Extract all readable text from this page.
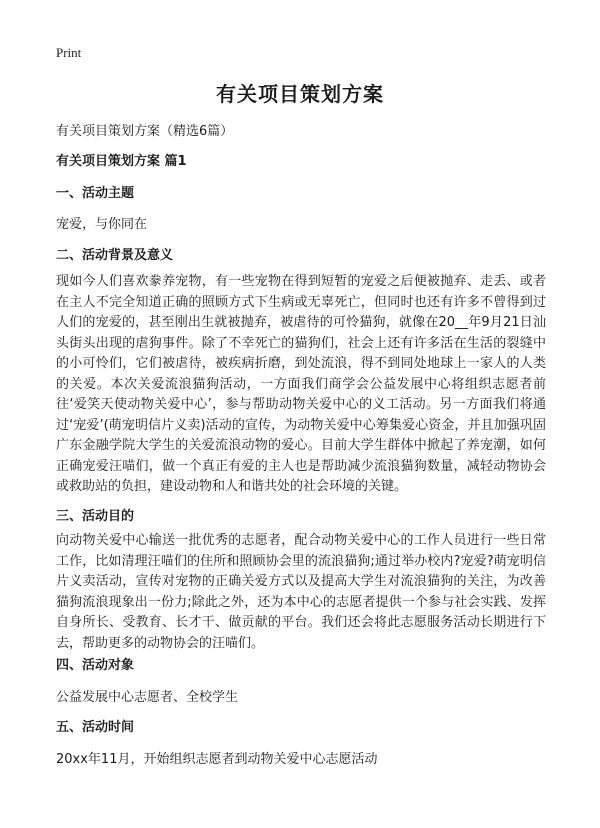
Print
有关项目策划方案
有关项目策划方案（精选6篇）
有关项目策划方案 篇1
一、活动主题
宠爱，与你同在
二、活动背景及意义
现如今人们喜欢豢养宠物，有一些宠物在得到短暂的宠爱之后便被抛弃、走丢、或者在主人不完全知道正确的照顾方式下生病或无辜死亡，但同时也还有许多不曾得到过人们的宠爱的，甚至刚出生就被抛弃，被虐待的可怜猫狗，就像在20__年9月21日汕头街头出现的虐狗事件。除了不幸死亡的猫狗们，社会上还有许多活在生活的裂缝中的小可怜们，它们被虐待，被疾病折磨，到处流浪，得不到同处地球上一家人的人类的关爱。本次关爱流浪猫狗活动，一方面我们商学会公益发展中心将组织志愿者前往‘爱笑天使动物关爱中心’，参与帮助动物关爱中心的义工活动。另一方面我们将通过‘宠爱’(萌宠明信片义卖)活动的宣传，为动物关爱中心筹集爱心资金，并且加强巩固广东金融学院大学生的关爱流浪动物的爱心。目前大学生群体中掀起了养宠潮，如何正确宠爱汪喵们，做一个真正有爱的主人也是帮助减少流浪猫狗数量，减轻动物协会或救助站的负担，建设动物和人和谐共处的社会环境的关键。
三、活动目的
向动物关爱中心输送一批优秀的志愿者，配合动物关爱中心的工作人员进行一些日常工作，比如清理汪喵们的住所和照顾协会里的流浪猫狗;通过举办校内?宠爱?萌宠明信片义卖活动，宣传对宠物的正确关爱方式以及提高大学生对流浪猫狗的关注，为改善猫狗流浪现象出一份力;除此之外，还为本中心的志愿者提供一个参与社会实践、发挥自身所长、受教育、长才干、做贡献的平台。我们还会将此志愿服务活动长期进行下去，帮助更多的动物协会的汪喵们。
四、活动对象
公益发展中心志愿者、全校学生
五、活动时间
20xx年11月，开始组织志愿者到动物关爱中心志愿活动
